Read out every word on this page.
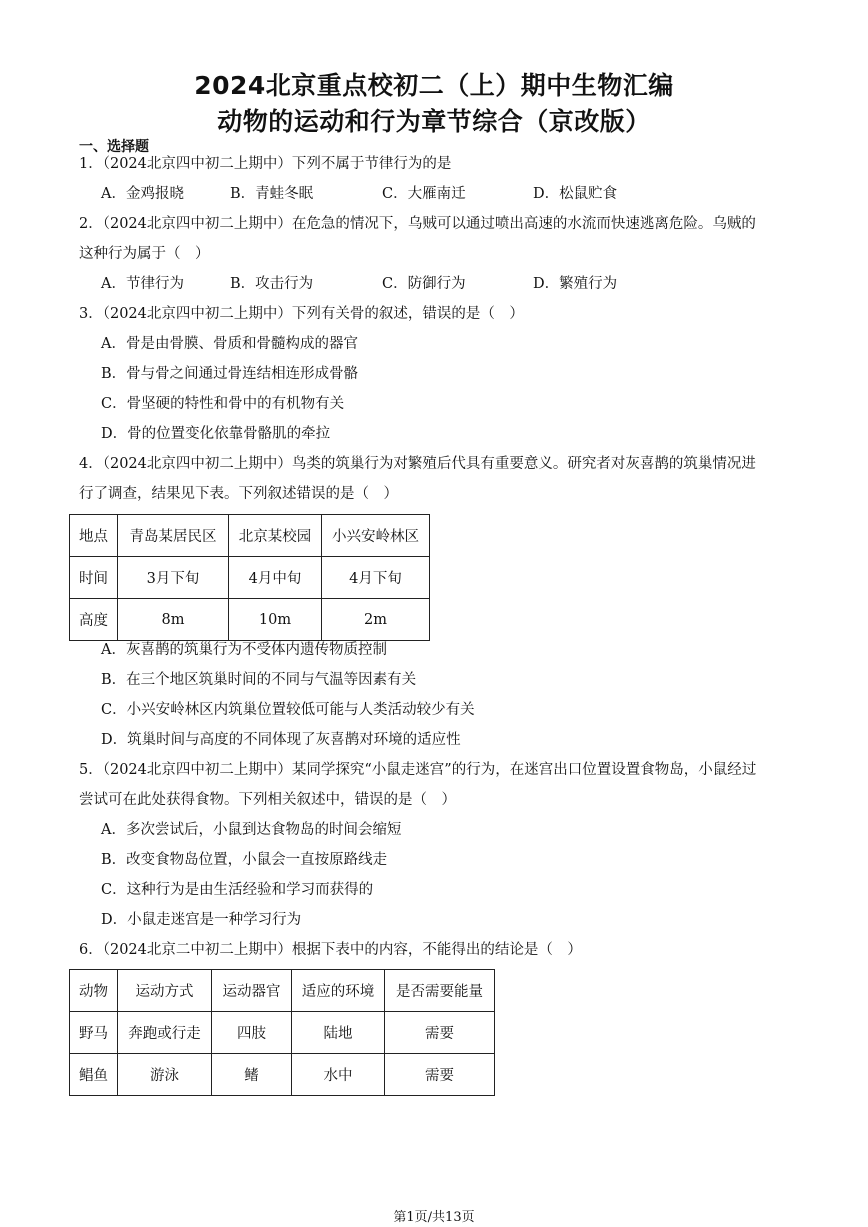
2024北京重点校初二（上）期中生物汇编
动物的运动和行为章节综合（京改版）
一、选择题
1．（2024北京四中初二上期中）下列不属于节律行为的是
A．金鸡报晓	B．青蛙冬眠	C．大雁南迁	D．松鼠贮食
2．（2024北京四中初二上期中）在危急的情况下，乌贼可以通过喷出高速的水流而快速逃离危险。乌贼的
这种行为属于（　）
A．节律行为	B．攻击行为	C．防御行为	D．繁殖行为
3．（2024北京四中初二上期中）下列有关骨的叙述，错误的是（　）
A．骨是由骨膜、骨质和骨髓构成的器官
B．骨与骨之间通过骨连结相连形成骨骼
C．骨坚硬的特性和骨中的有机物有关
D．骨的位置变化依靠骨骼肌的牵拉
4．（2024北京四中初二上期中）鸟类的筑巢行为对繁殖后代具有重要意义。研究者对灰喜鹊的筑巢情况进
行了调查，结果见下表。下列叙述错误的是（　）
地点	青岛某居民区	北京某校园	小兴安岭林区
时间	3月下旬	4月中旬	4月下旬
高度	8m	10m	2m
A．灰喜鹊的筑巢行为不受体内遗传物质控制
B．在三个地区筑巢时间的不同与气温等因素有关
C．小兴安岭林区内筑巢位置较低可能与人类活动较少有关
D．筑巢时间与高度的不同体现了灰喜鹊对环境的适应性
5．（2024北京四中初二上期中）某同学探究“小鼠走迷宫”的行为，在迷宫出口位置设置食物岛，小鼠经过
尝试可在此处获得食物。下列相关叙述中，错误的是（　）
A．多次尝试后，小鼠到达食物岛的时间会缩短
B．改变食物岛位置，小鼠会一直按原路线走
C．这种行为是由生活经验和学习而获得的
D．小鼠走迷宫是一种学习行为
6．（2024北京二中初二上期中）根据下表中的内容，不能得出的结论是（　）
动物	运动方式	运动器官	适应的环境	是否需要能量
野马	奔跑或行走	四肢	陆地	需要
鲳鱼	游泳	鳍	水中	需要
第1页/共13页
